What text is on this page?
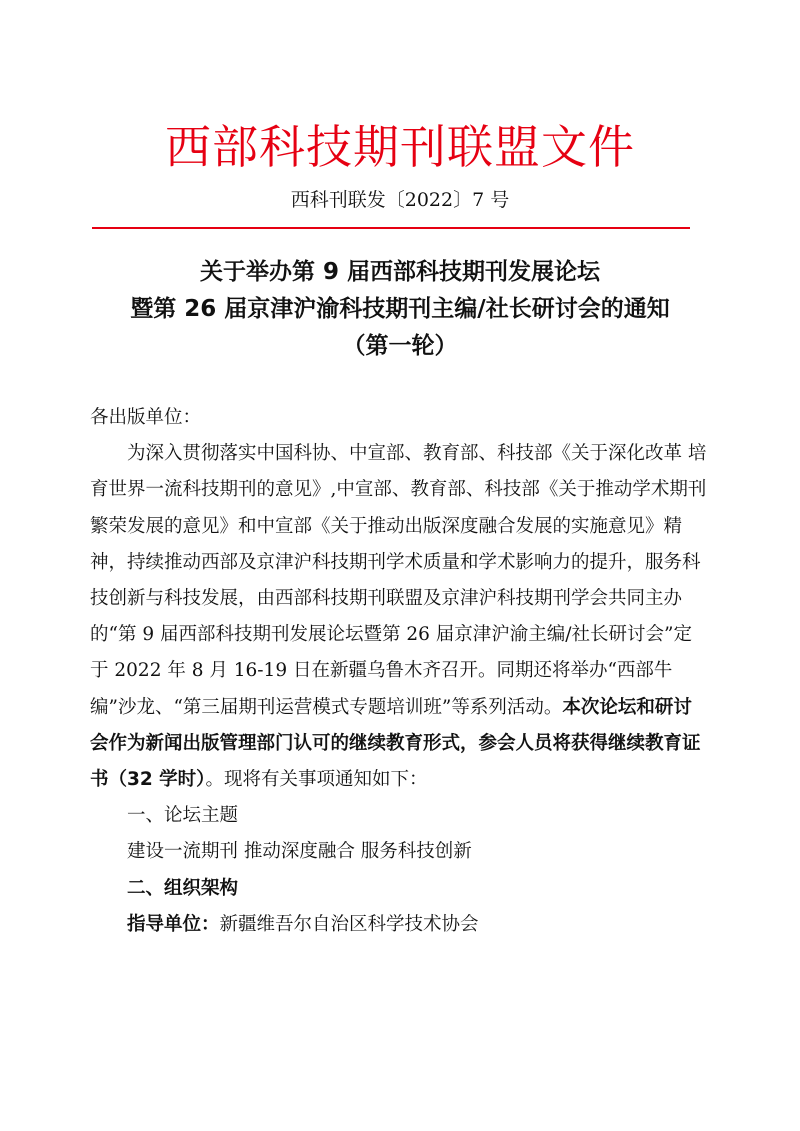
西部科技期刊联盟文件
西科刊联发〔2022〕7 号
关于举办第 9 届西部科技期刊发展论坛
暨第 26 届京津沪渝科技期刊主编/社长研讨会的通知
（第一轮）

各出版单位：

为深入贯彻落实中国科协、中宣部、教育部、科技部《关于深化改革 培育世界一流科技期刊的意见》,中宣部、教育部、科技部《关于推动学术期刊繁荣发展的意见》和中宣部《关于推动出版深度融合发展的实施意见》精神，持续推动西部及京津沪科技期刊学术质量和学术影响力的提升，服务科技创新与科技发展，由西部科技期刊联盟及京津沪科技期刊学会共同主办的“第 9 届西部科技期刊发展论坛暨第 26 届京津沪渝主编/社长研讨会”定于 2022 年 8 月 16-19 日在新疆乌鲁木齐召开。同期还将举办“西部牛编”沙龙、“第三届期刊运营模式专题培训班”等系列活动。本次论坛和研讨会作为新闻出版管理部门认可的继续教育形式，参会人员将获得继续教育证书（32 学时）。现将有关事项通知如下：

一、论坛主题

建设一流期刊 推动深度融合 服务科技创新

二、组织架构

指导单位：新疆维吾尔自治区科学技术协会
